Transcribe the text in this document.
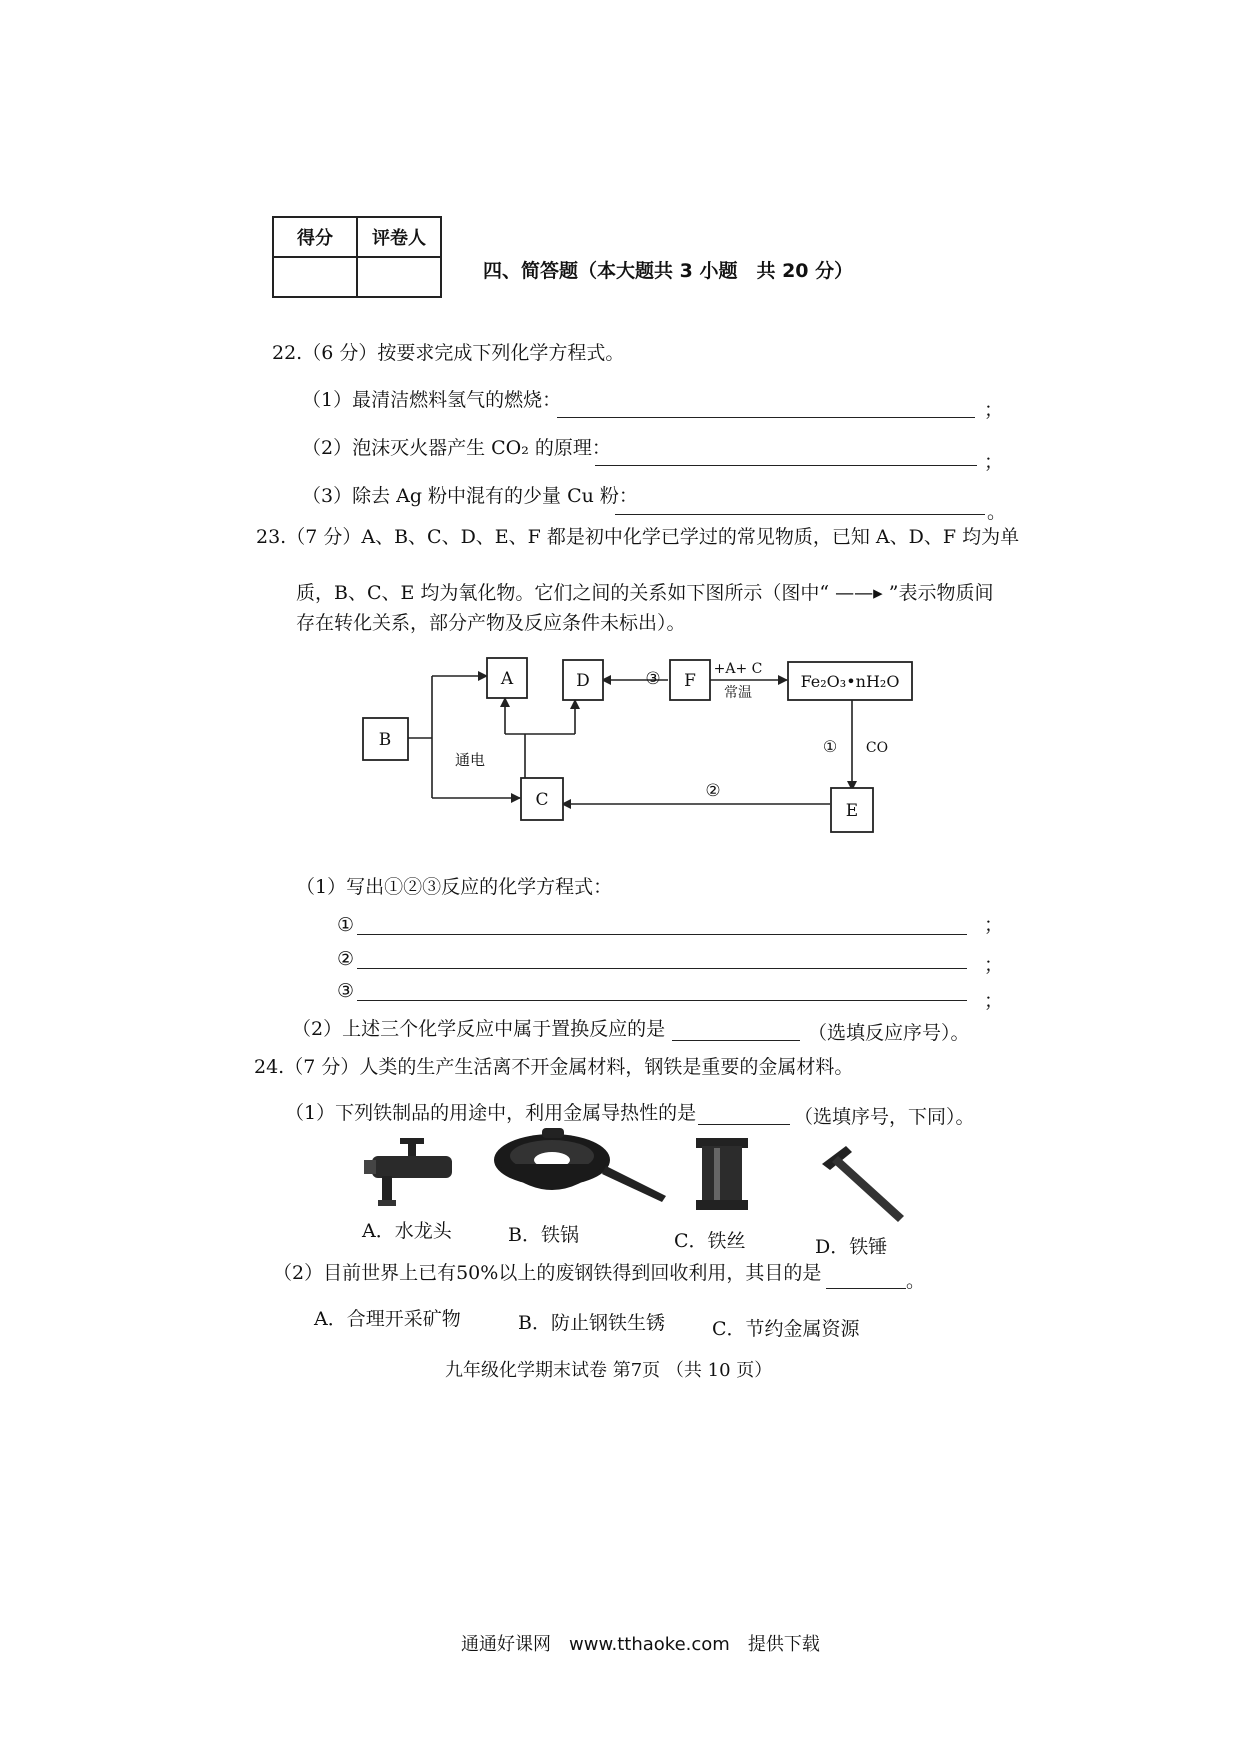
得分	评卷人

四、简答题（本大题共 3 小题　共 20 分）
22.（6 分）按要求完成下列化学方程式。
（1）最清洁燃料氢气的燃烧：	；
（2）泡沫灭火器产生 CO₂ 的原理：
；
（3）除去 Ag 粉中混有的少量 Cu 粉：
。
23.（7 分）A、B、C、D、E、F 都是初中化学已学过的常见物质，已知 A、D、F 均为单
质，B、C、E 均为氧化物。它们之间的关系如下图所示（图中“ ——▸ ”表示物质间
存在转化关系，部分产物及反应条件未标出）。
A	D	F	Fe₂O₃•nH₂O
B
C
E
通电
+A+ C
常温
① CO
②
③
（1）写出①②③反应的化学方程式：
①	；
②	；
③	；
（2）上述三个化学反应中属于置换反应的是	（选填反应序号）。
24.（7 分）人类的生产生活离不开金属材料，钢铁是重要的金属材料。
（1）下列铁制品的用途中，利用金属导热性的是	（选填序号，下同）。
A．水龙头	B．铁锅	C．铁丝	D．铁锤
（2）目前世界上已有50%以上的废钢铁得到回收利用，其目的是	。
A．合理开采矿物	B．防止钢铁生锈 C．节约金属资源
九年级化学期末试卷 第7页 （共 10 页）
通通好课网　www.tthaoke.com　提供下载
